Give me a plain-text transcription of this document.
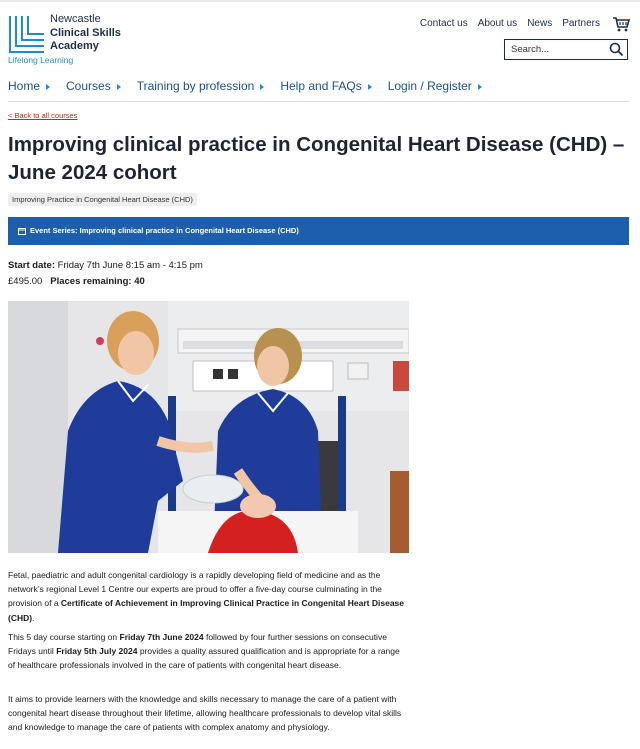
Newcastle
Clinical Skills
Academy
Lifelong Learning
Contact us About us News Partners
Search...
Home Courses Training by profession Help and FAQs Login / Register
< Back to all courses
Improving clinical practice in Congenital Heart Disease (CHD) – June 2024 cohort
Improving Practice in Congenital Heart Disease (CHD)
Event Series: Improving clinical practice in Congenital Heart Disease (CHD)
Start date: Friday 7th June 8:15 am - 4:15 pm
£495.00 Places remaining: 40

Fetal, paediatric and adult congenital cardiology is a rapidly developing field of medicine and as the network’s regional Level 1 Centre our experts are proud to offer a five-day course culminating in the provision of a Certificate of Achievement in Improving Clinical Practice in Congenital Heart Disease (CHD).

This 5 day course starting on Friday 7th June 2024 followed by four further sessions on consecutive Fridays until Friday 5th July 2024 provides a quality assured qualification and is appropriate for a range of healthcare professionals involved in the care of patients with congenital heart disease.

It aims to provide learners with the knowledge and skills necessary to manage the care of a patient with congenital heart disease throughout their lifetime, allowing healthcare professionals to develop vital skills and knowledge to manage the care of patients with complex anatomy and physiology.
